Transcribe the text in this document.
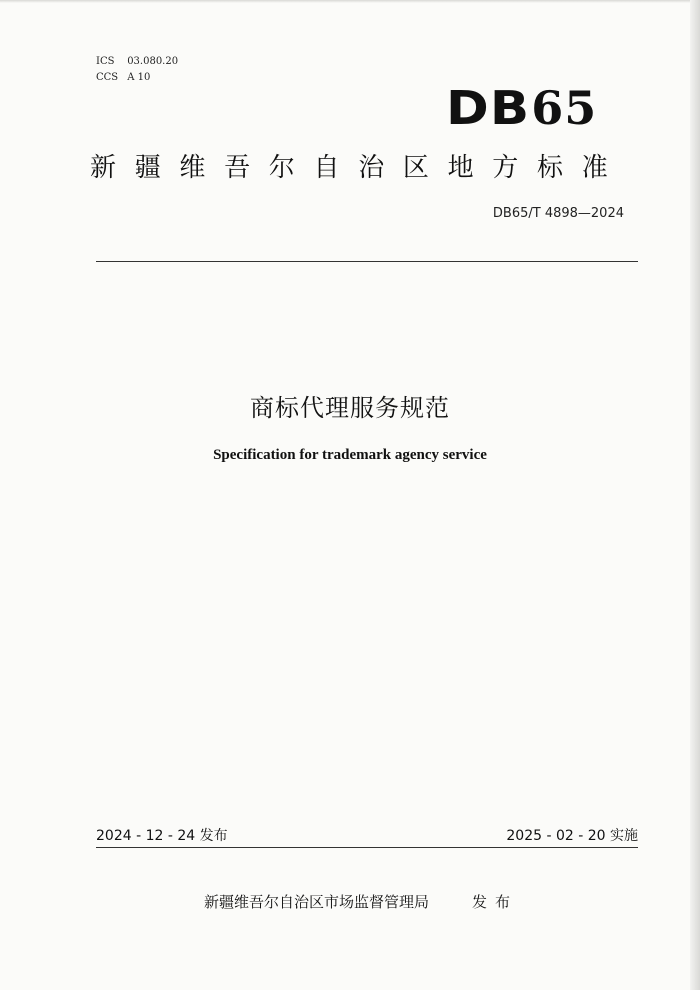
ICS 03.080.20
CCS A 10
DB65
新疆维吾尔自治区地方标准
DB65/T 4898—2024
商标代理服务规范
Specification for trademark agency service
2024 - 12 - 24 发布	2025 - 02 - 20 实施
新疆维吾尔自治区市场监督管理局	发布
